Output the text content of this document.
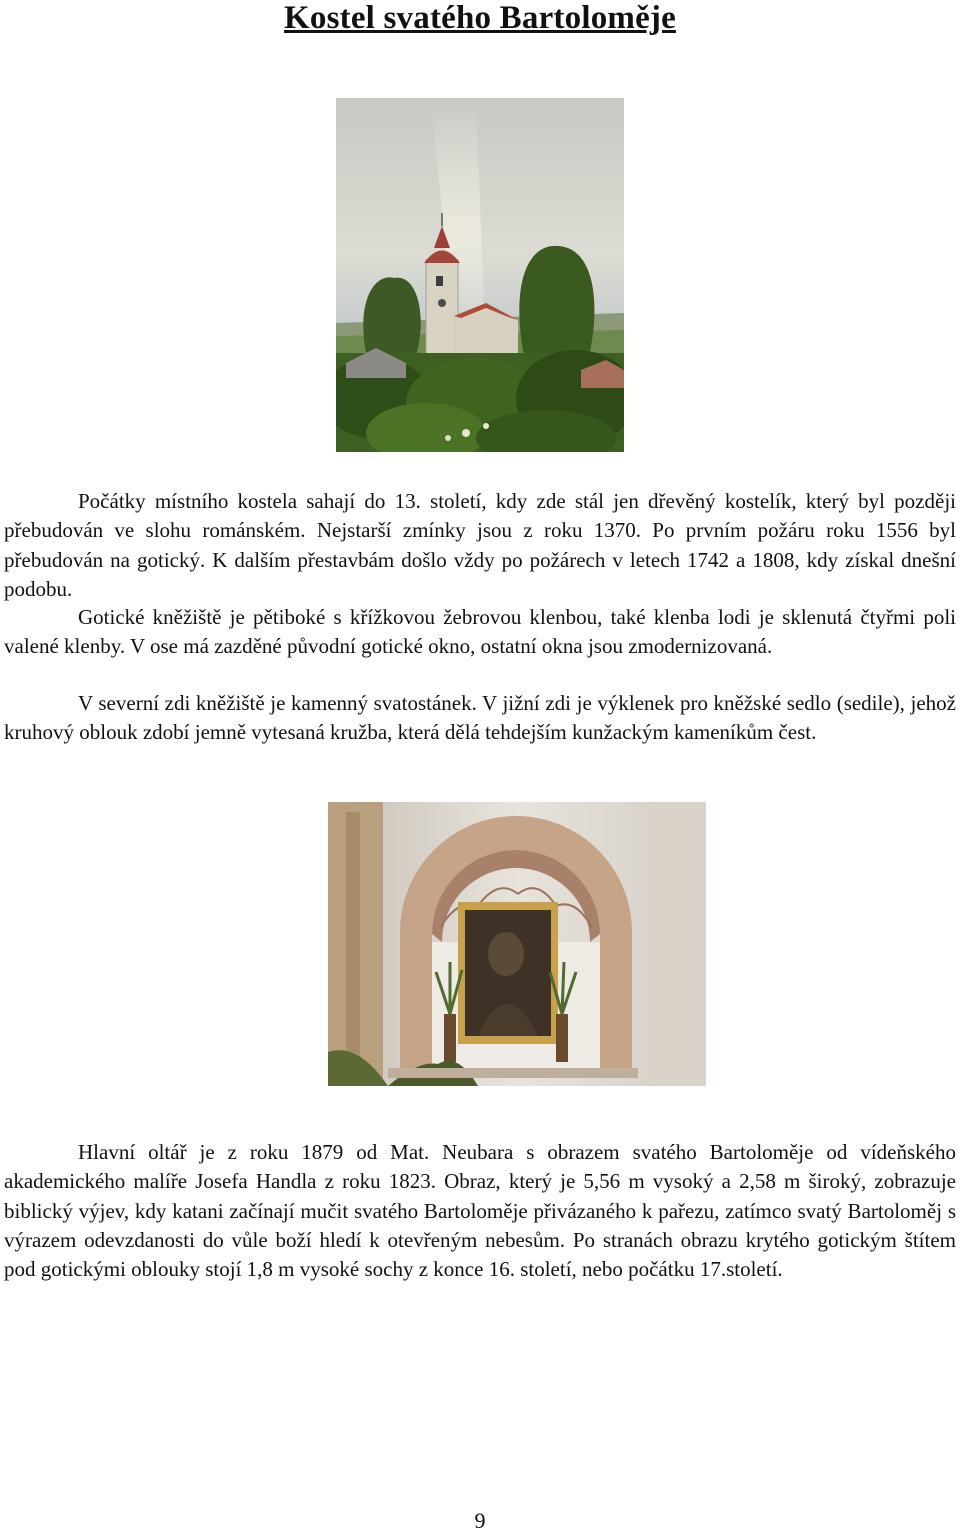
Kostel svatého Bartoloměje

Počátky místního kostela sahají do 13. století, kdy zde stál jen dřevěný kostelík, který byl později přebudován ve slohu románském. Nejstarší zmínky jsou z roku 1370. Po prvním požáru roku 1556 byl přebudován na gotický. K dalším přestavbám došlo vždy po požárech v letech 1742 a 1808, kdy získal dnešní podobu.

Gotické kněžiště je pětiboké s křížkovou žebrovou klenbou, také klenba lodi je sklenutá čtyřmi poli valené klenby. V ose má zazděné původní gotické okno, ostatní okna jsou zmodernizovaná.

V severní zdi kněžiště je kamenný svatostánek. V jižní zdi je výklenek pro kněžské sedlo (sedile), jehož kruhový oblouk zdobí jemně vytesaná kružba, která dělá tehdejším kunžackým kameníkům čest.

Hlavní oltář je z roku 1879 od Mat. Neubara s obrazem svatého Bartoloměje od vídeňského akademického malíře Josefa Handla z roku 1823. Obraz, který je 5,56 m vysoký a 2,58 m široký, zobrazuje biblický výjev, kdy katani začínají mučit svatého Bartoloměje přivázaného k pařezu, zatímco svatý Bartoloměj s výrazem odevzdanosti do vůle boží hledí k otevřeným nebesům. Po stranách obrazu krytého gotickým štítem pod gotickými oblouky stojí 1,8 m vysoké sochy z konce 16. století, nebo počátku 17.století.

9
